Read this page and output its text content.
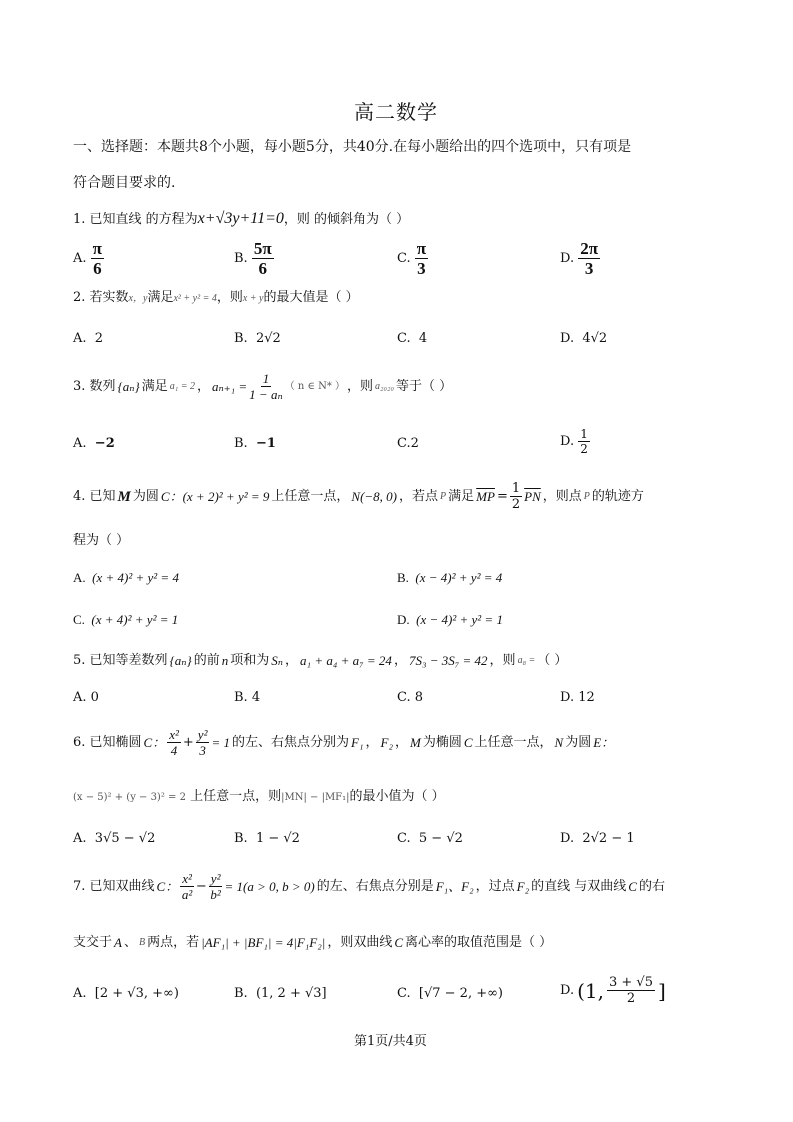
高二数学
一、选择题：本题共8个小题，每小题5分，共40分.在每小题给出的四个选项中，只有项是
符合题目要求的.
1. 已知直线 的方程为x+√3y+11=0，则 的倾斜角为（ ）
A. $\frac{\pi}{6}$	B. $\frac{5\pi}{6}$	C. $\frac{\pi}{3}$	D. $\frac{2\pi}{3}$
2. 若实数x，y满足x² + y² = 4，则x + y的最大值是（ ）
A. 2	B. 2√2	C. 4	D. 4√2
3. 数列 {aₙ} 满足 a₁ = 2 ， $a_{n+1} = \frac{1}{\text{1 − aₙ}}$ （ n ∈ N* ） ，则 a₂₀₂₀ 等于（ ）
A. −2	B. −1	C.2	D. $\frac{1}{2}$
4. 已知 M 为圆 C：(x + 2)² + y² = 9 上任意一点， N(−8, 0) ，若点 P 满足 $\overline{MP} = \frac{1}{2} \overline{PN}$ ，则点 P 的轨迹方
程为（ ）
A. (x + 4)² + y² = 4	B. (x − 4)² + y² = 4
C. (x + 4)² + y² = 1	D. (x − 4)² + y² = 1
5. 已知等差数列 {aₙ} 的前 n 项和为 Sₙ ， a₁ + a₄ + a₇ = 24 ， 7S₃ − 3S₇ = 42 ，则 a₈ = （ ）
A. 0	B. 4	C. 8	D. 12
6. 已知椭圆 C： $\frac{\text{x²}}{4} + \frac{\text{y²}}{3} = 1$ 的左、右焦点分别为 F₁ ， F₂ ， M 为椭圆 C 上任意一点， N 为圆 E：
(x − 5)² + (y − 3)² = 2 上任意一点，则|MN| − |MF₁|的最小值为（ ）
A. 3√5 − √2	B. 1 − √2	C. 5 − √2	D. 2√2 − 1
7. 已知双曲线 C： $\frac{\text{x²}}{\text{a²}} - \frac{\text{y²}}{\text{b²}} = 1(a > 0$, b > 0) 的左、右焦点分别是 F₁、F₂ ，过点 F₂ 的直线 与双曲线 C 的右
支交于 A 、 B 两点，若 |AF₁| + |BF₁| = 4|F₁F₂| ，则双曲线 C 离心率的取值范围是（ ）
A. [2 + √3, +∞)	B. (1, 2 + √3]	C. [√7 − 2, +∞)	D. (1, $\frac{3 + √5}{2}$ ]
第1页/共4页
